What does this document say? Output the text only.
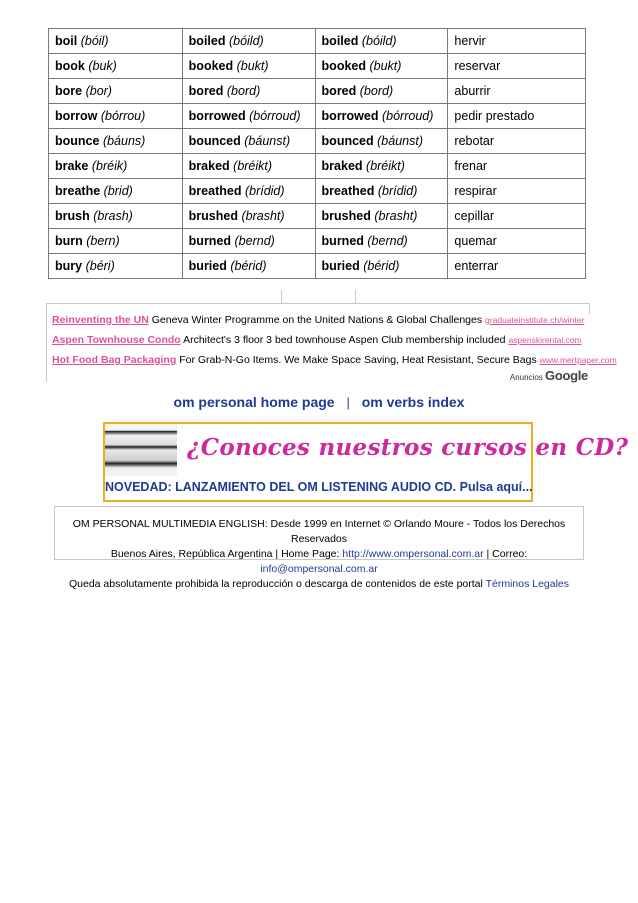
boil (bóil)	boiled (bóild)	boiled (bóild)	hervir
book (buk)	booked (bukt)	booked (bukt)	reservar
bore (bor)	bored (bord)	bored (bord)	aburrir
borrow (bórrou)	borrowed (bórroud)	borrowed (bórroud)	pedir prestado
bounce (báuns)	bounced (báunst)	bounced (báunst)	rebotar
brake (bréik)	braked (bréikt)	braked (bréikt)	frenar
breathe (brid)	breathed (brídid)	breathed (brídid)	respirar
brush (brash)	brushed (brasht)	brushed (brasht)	cepillar
burn (bern)	burned (bernd)	burned (bernd)	quemar
bury (béri)	buried (bérid)	buried (bérid)	enterrar
Reinventing the UN Geneva Winter Programme on the United Nations & Global Challenges graduateinstitute.ch/winter
Aspen Townhouse Condo Architect's 3 floor 3 bed townhouse Aspen Club membership included aspenskirental.com
Hot Food Bag Packaging For Grab-N-Go Items. We Make Space Saving, Heat Resistant, Secure Bags www.mertpaper.com
Anuncios Google
om personal home page | om verbs index
¿Conoces nuestros cursos en CD?
NOVEDAD: LANZAMIENTO DEL OM LISTENING AUDIO CD. Pulsa aquí...
OM PERSONAL MULTIMEDIA ENGLISH: Desde 1999 en Internet © Orlando Moure - Todos los Derechos Reservados
Buenos Aires, República Argentina | Home Page: http://www.ompersonal.com.ar | Correo: info@ompersonal.com.ar
Queda absolutamente prohibida la reproducción o descarga de contenidos de este portal Términos Legales
